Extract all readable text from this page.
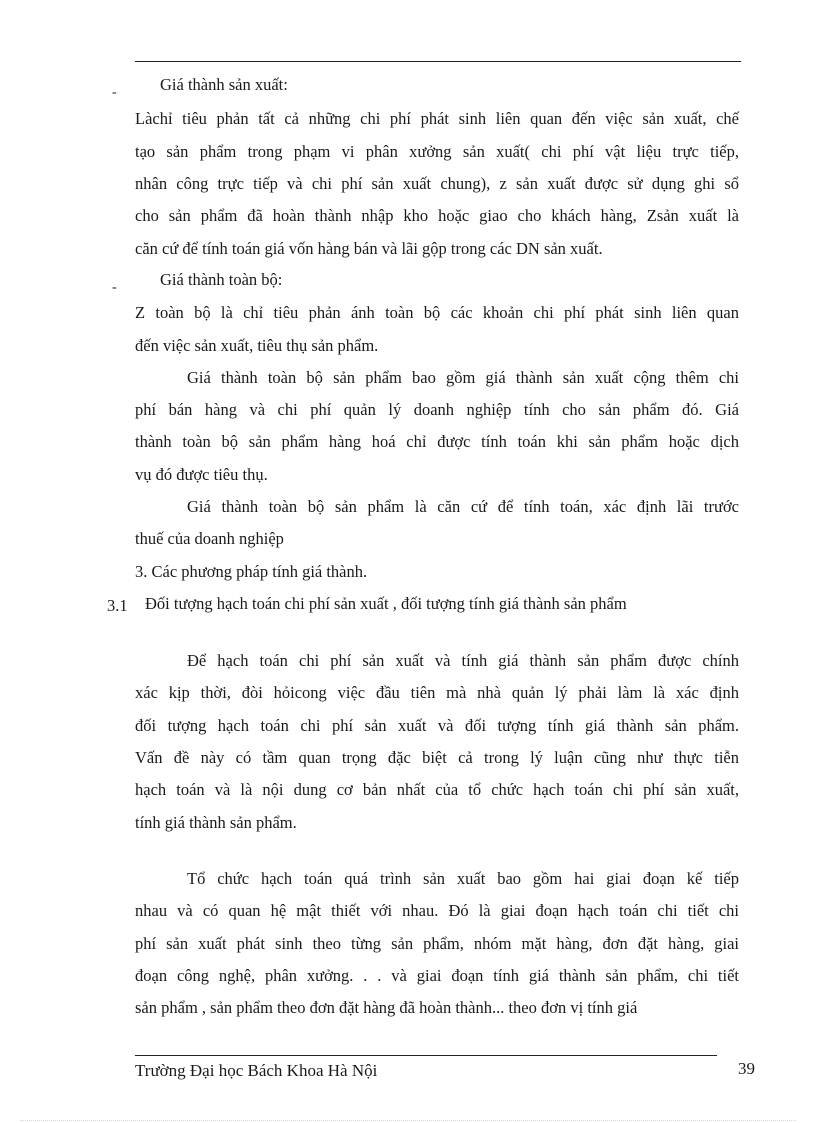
-	Giá thành sản xuất:
Làchỉ tiêu phản tất cả những chi phí phát sinh liên quan đến việc sản xuất, chế
tạo sản phẩm trong phạm vi phân xưởng sản xuất( chi phí vật liệu trực tiếp,
nhân công trực tiếp và chi phí sản xuất chung), z sản xuất được sử dụng ghi sổ
cho sản phẩm đã hoàn thành nhập kho hoặc giao cho khách hàng, Zsản xuất là
căn cứ để tính toán giá vốn hàng bán và lãi gộp trong các DN sản xuất.
-	Giá thành toàn bộ:
Z toàn bộ là chỉ tiêu phản ánh toàn bộ các khoản chi phí phát sinh liên quan
đến việc sản xuất, tiêu thụ sản phẩm.
Giá thành toàn bộ sản phẩm bao gồm giá thành sản xuất cộng thêm chi
phí bán hàng và chi phí quản lý doanh nghiệp tính cho sản phẩm đó. Giá
thành toàn bộ sản phẩm hàng hoá chỉ được tính toán khi sản phẩm hoặc dịch
vụ đó được tiêu thụ.
Giá thành toàn bộ sản phẩm là căn cứ để tính toán, xác định lãi trước
thuế của doanh nghiệp
3. Các phương pháp tính giá thành.
3.1 Đối tượng hạch toán chi phí sản xuất , đối tượng tính giá thành sản phẩm
Để hạch toán chi phí sản xuất và tính giá thành sản phẩm được chính
xác kịp thời, đòi hỏicong việc đầu tiên mà nhà quản lý phải làm là xác định
đối tượng hạch toán chi phí sản xuất và đối tượng tính giá thành sản phẩm.
Vấn đề này có tầm quan trọng đặc biệt cả trong lý luận cũng như thực tiễn
hạch toán và là nội dung cơ bản nhất của tổ chức hạch toán chi phí sản xuất,
tính giá thành sản phẩm.
Tổ chức hạch toán quá trình sản xuất bao gồm hai giai đoạn kế tiếp
nhau và có quan hệ mật thiết với nhau. Đó là giai đoạn hạch toán chi tiết chi
phí sản xuất phát sinh theo từng sản phẩm, nhóm mặt hàng, đơn đặt hàng, giai
đoạn công nghệ, phân xưởng. . . và giai đoạn tính giá thành sản phẩm, chi tiết
sản phẩm , sản phẩm theo đơn đặt hàng đã hoàn thành... theo đơn vị tính giá
Trường Đại học Bách Khoa Hà Nội	39
